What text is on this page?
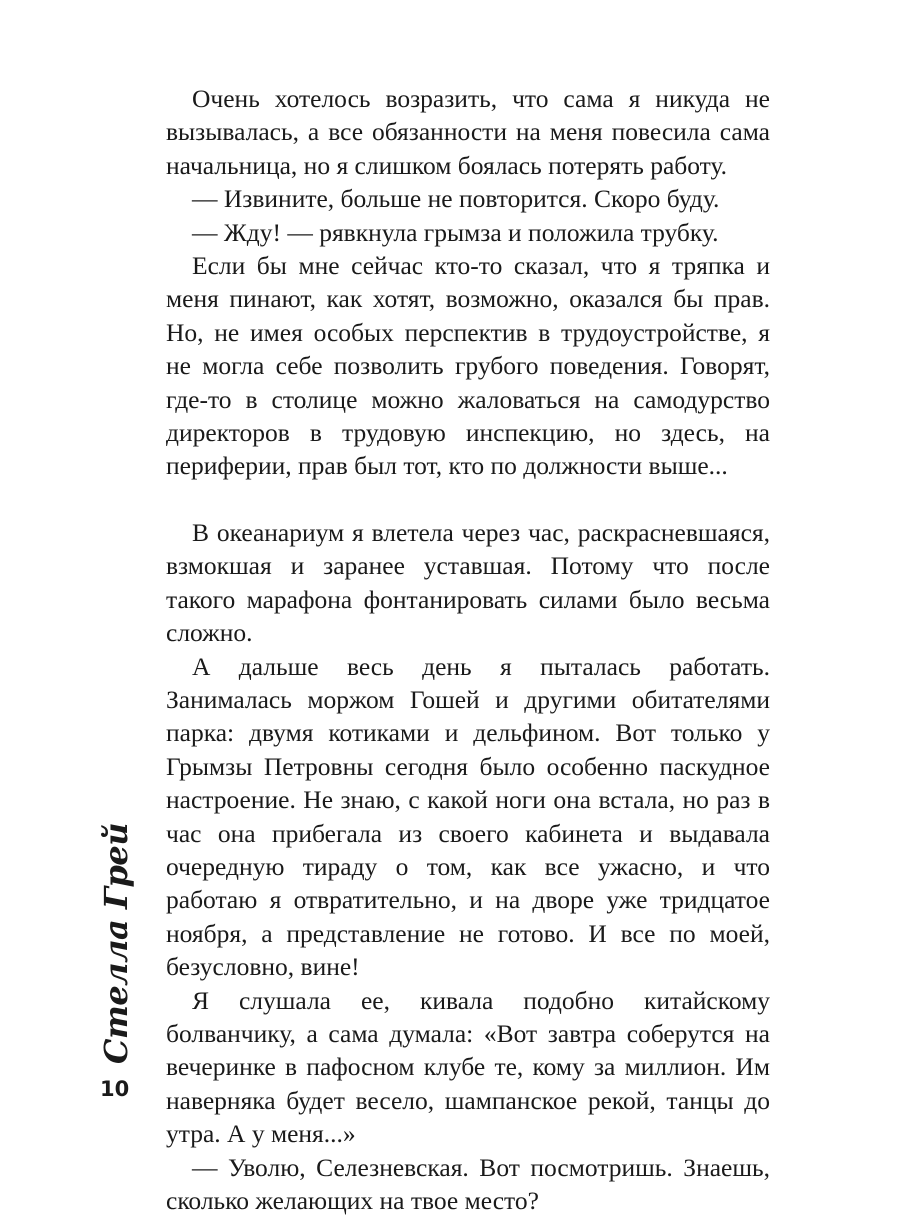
Очень хотелось возразить, что сама я никуда не вызывалась, а все обязанности на меня повесила сама начальница, но я слишком боялась потерять работу.

— Извините, больше не повторится. Скоро буду.

— Жду! — рявкнула грымза и положила трубку.

Если бы мне сейчас кто-то сказал, что я тряпка и меня пинают, как хотят, возможно, оказался бы прав. Но, не имея особых перспектив в трудоустройстве, я не могла себе позволить грубого поведения. Говорят, где-то в столице можно жаловаться на самодурство директоров в трудовую инспекцию, но здесь, на периферии, прав был тот, кто по должности выше...

В океанариум я влетела через час, раскрасневшаяся, взмокшая и заранее уставшая. Потому что после такого марафона фонтанировать силами было весьма сложно.

А дальше весь день я пыталась работать. Занималась моржом Гошей и другими обитателями парка: двумя котиками и дельфином. Вот только у Грымзы Петровны сегодня было особенно паскудное настроение. Не знаю, с какой ноги она встала, но раз в час она прибегала из своего кабинета и выдавала очередную тираду о том, как все ужасно, и что работаю я отвратительно, и на дворе уже тридцатое ноября, а представление не готово. И все по моей, безусловно, вине!

Я слушала ее, кивала подобно китайскому болванчику, а сама думала: «Вот завтра соберутся на вечеринке в пафосном клубе те, кому за миллион. Им наверняка будет весело, шампанское рекой, танцы до утра. А у меня...»

— Уволю, Селезневская. Вот посмотришь. Знаешь, сколько желающих на твое место?

Стелла Грей
10
